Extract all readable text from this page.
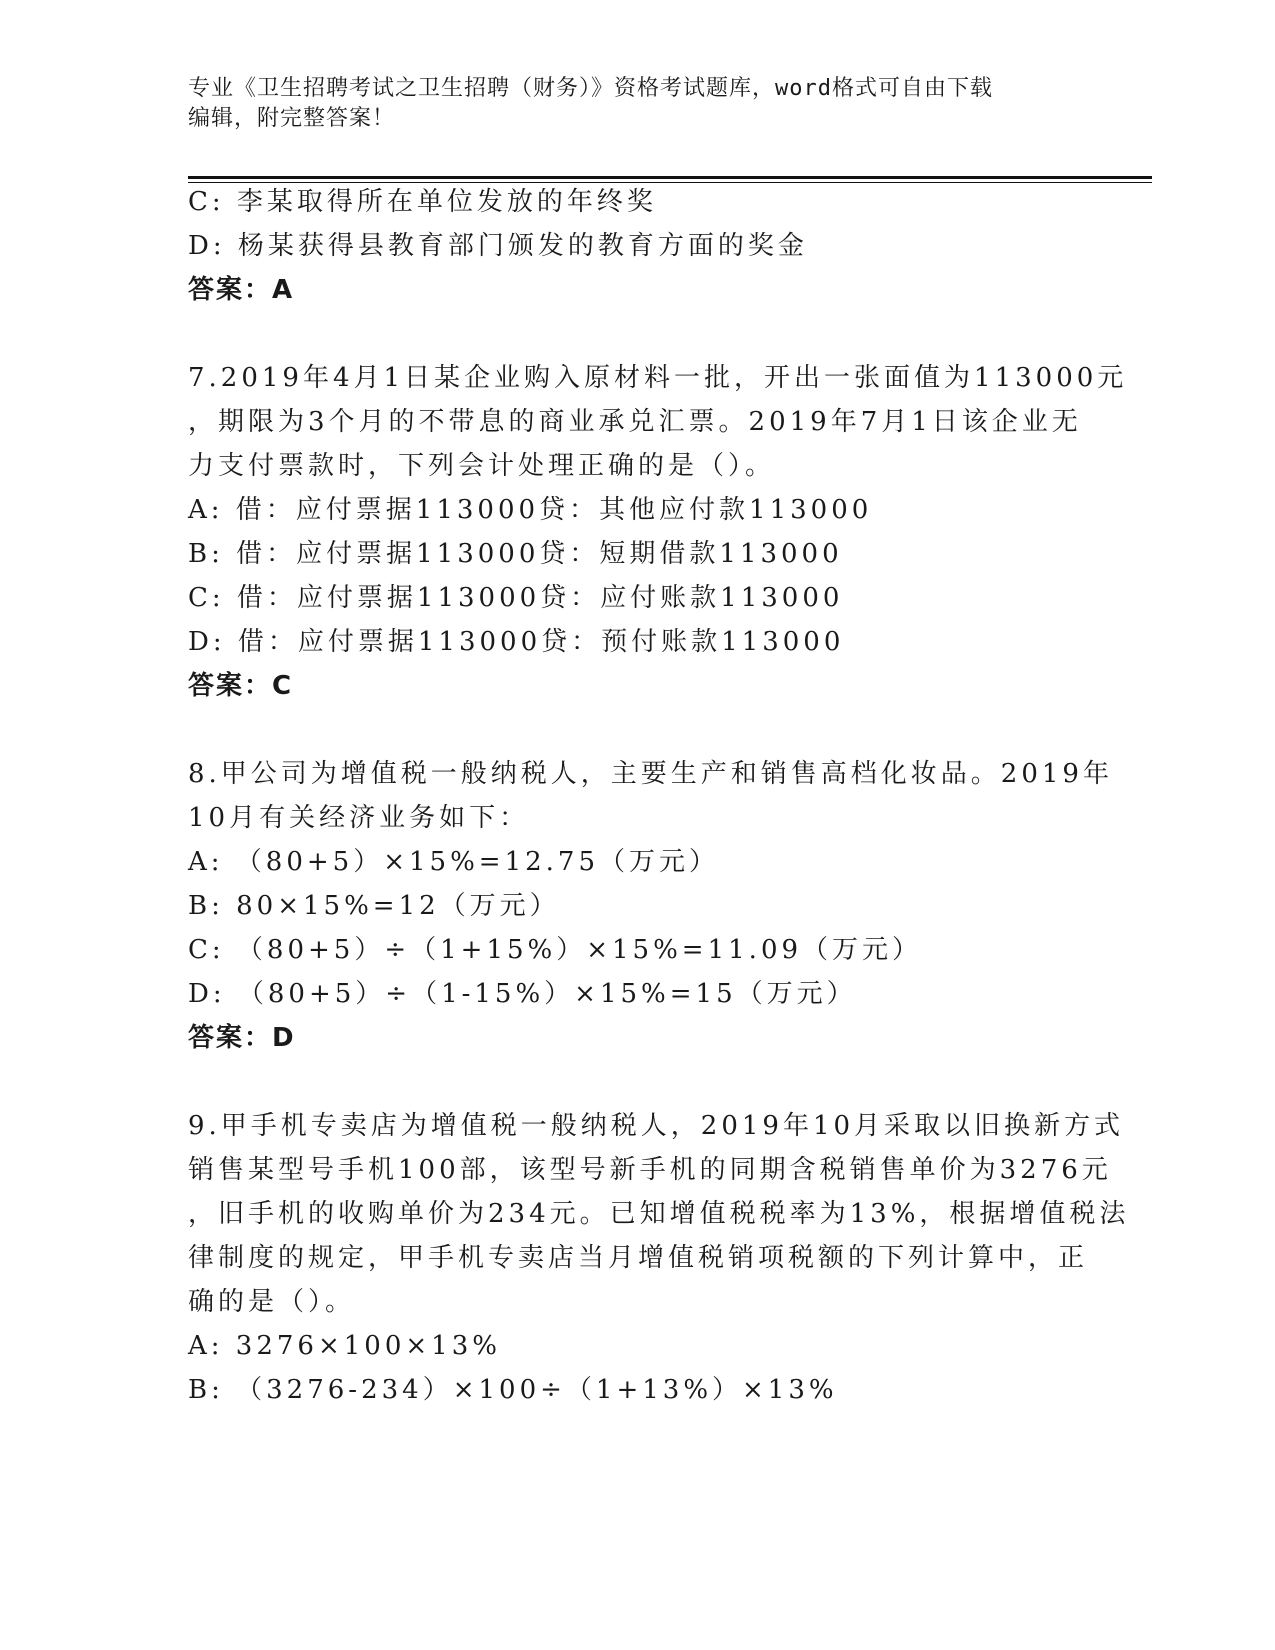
专业《卫生招聘考试之卫生招聘（财务）》资格考试题库，word格式可自由下载
编辑，附完整答案！
C: 李某取得所在单位发放的年终奖
D: 杨某获得县教育部门颁发的教育方面的奖金
答案：A
7.2019年4月1日某企业购入原材料一批，开出一张面值为113000元
，期限为3个月的不带息的商业承兑汇票。2019年7月1日该企业无
力支付票款时，下列会计处理正确的是（）。
A: 借：应付票据113000贷：其他应付款113000
B: 借：应付票据113000贷：短期借款113000
C: 借：应付票据113000贷：应付账款113000
D: 借：应付票据113000贷：预付账款113000
答案：C
8.甲公司为增值税一般纳税人，主要生产和销售高档化妆品。2019年
10月有关经济业务如下：
A: （80+5）×15%=12.75（万元）
B: 80×15%=12（万元）
C: （80+5）÷（1+15%）×15%=11.09（万元）
D: （80+5）÷（1-15%）×15%=15（万元）
答案：D
9.甲手机专卖店为增值税一般纳税人，2019年10月采取以旧换新方式
销售某型号手机100部，该型号新手机的同期含税销售单价为3276元
，旧手机的收购单价为234元。已知增值税税率为13%，根据增值税法
律制度的规定，甲手机专卖店当月增值税销项税额的下列计算中，正
确的是（）。
A: 3276×100×13%
B: （3276-234）×100÷（1+13%）×13%
